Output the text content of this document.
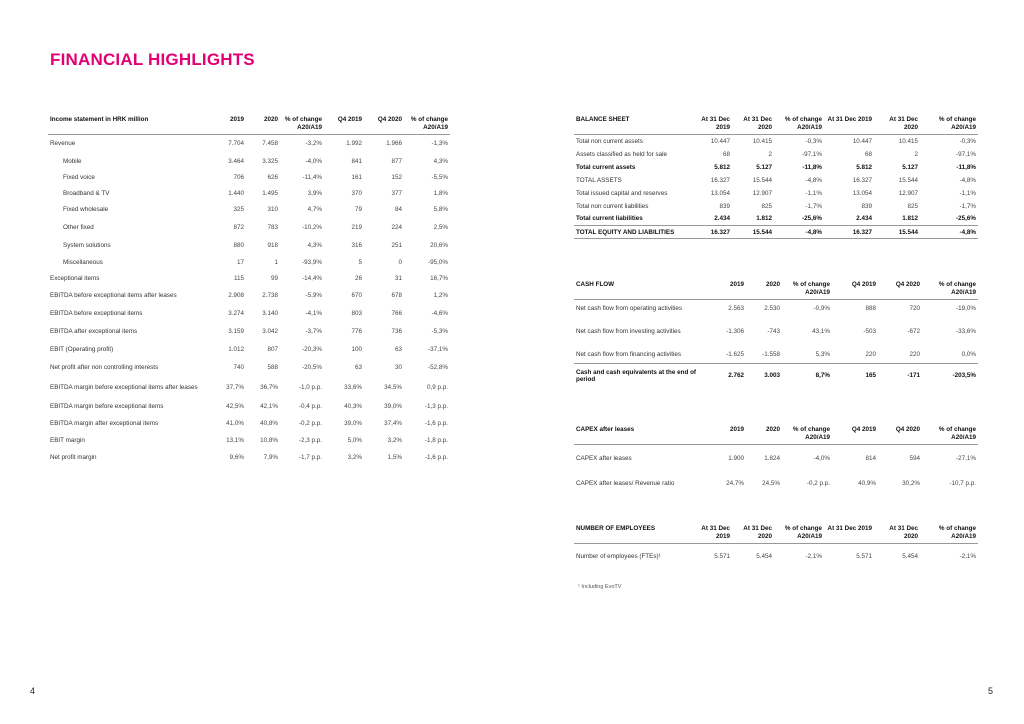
FINANCIAL HIGHLIGHTS
Income statement in HRK million	2019	2020	% of change A20/A19	Q4 2019	Q4 2020	% of change A20/A19
Revenue	7.704	7.458	-3,2%	1.992	1.966	-1,3%
Mobile	3.464	3.325	-4,0%	841	877	4,3%
Fixed voice	706	626	-11,4%	161	152	-5,5%
Broadband & TV	1.440	1.495	3,9%	370	377	1,8%
Fixed wholesale	325	310	4,7%	79	84	5,8%
Other fixed	872	783	-10,2%	219	224	2,5%
System solutions	880	918	4,3%	316	251	20,6%
Miscellaneous	17	1	-93,9%	5	0	-95,0%
Exceptional items	115	99	-14,4%	26	31	16,7%
EBITDA before exceptional items after leases	2.908	2.738	-5,9%	670	678	1,2%
EBITDA before exceptional items	3.274	3.140	-4,1%	803	766	-4,6%
EBITDA after exceptional items	3.159	3.042	-3,7%	776	736	-5,3%
EBIT (Operating profit)	1.012	807	-20,3%	100	63	-37,1%
Net profit after non controlling interests	740	588	-20,5%	63	30	-52,8%
EBITDA margin before exceptional items after leases	37,7%	36,7%	-1,0 p.p.	33,6%	34,5%	0,9 p.p.
EBITDA margin before exceptional items	42,5%	42,1%	-0,4 p.p.	40,3%	39,0%	-1,3 p.p.
EBITDA margin after exceptional items	41,0%	40,8%	-0,2 p.p.	39,0%	37,4%	-1,6 p.p.
EBIT margin	13,1%	10,8%	-2,3 p.p.	5,0%	3,2%	-1,8 p.p.
Net profit margin	9,6%	7,9%	-1,7 p.p.	3,2%	1,5%	-1,6 p.p.
BALANCE SHEET	At 31 Dec 2019	At 31 Dec 2020	% of change A20/A19	At 31 Dec 2019	At 31 Dec 2020	% of change A20/A19
Total non current assets	10.447	10.415	-0,3%	10.447	10.415	-0,3%
Assets classified as held for sale	68	2	-97,1%	68	2	-97,1%
Total current assets	5.812	5.127	-11,8%	5.812	5.127	-11,8%
TOTAL ASSETS	16.327	15.544	-4,8%	16.327	15.544	-4,8%
Total issued capital and reserves	13.054	12.907	-1,1%	13.054	12.907	-1,1%
Total non current liabilities	839	825	-1,7%	839	825	-1,7%
Total current liabilities	2.434	1.812	-25,6%	2.434	1.812	-25,6%
TOTAL EQUITY AND LIABILITIES	16.327	15.544	-4,8%	16.327	15.544	-4,8%
CASH FLOW	2019	2020	% of change A20/A19	Q4 2019	Q4 2020	% of change A20/A19
Net cash flow from operating activities	2.563	2.530	-0,9%	888	720	-19,0%
Net cash flow from investing activities	-1.306	-743	43,1%	-503	-672	-33,6%
Net cash flow from financing activities	-1.625	-1.558	5,3%	220	220	0,0%
Cash and cash equivalents at the end of period	2.762	3.003	8,7%	165	-171	-203,5%
CAPEX after leases	2019	2020	% of change A20/A19	Q4 2019	Q4 2020	% of change A20/A19
CAPEX after leases	1.900	1.824	-4,0%	814	594	-27,1%
CAPEX after leases/ Revenue ratio	24,7%	24,5%	-0,2 p.p.	40,9%	30,2%	-10,7 p.p.
NUMBER OF EMPLOYEES	At 31 Dec 2019	At 31 Dec 2020	% of change A20/A19	At 31 Dec 2019	At 31 Dec 2020	% of change A20/A19
Number of employees (FTEs)¹	5.571	5.454	-2,1%	5.571	5.454	-2,1%
¹ Including EvoTV
4	5
